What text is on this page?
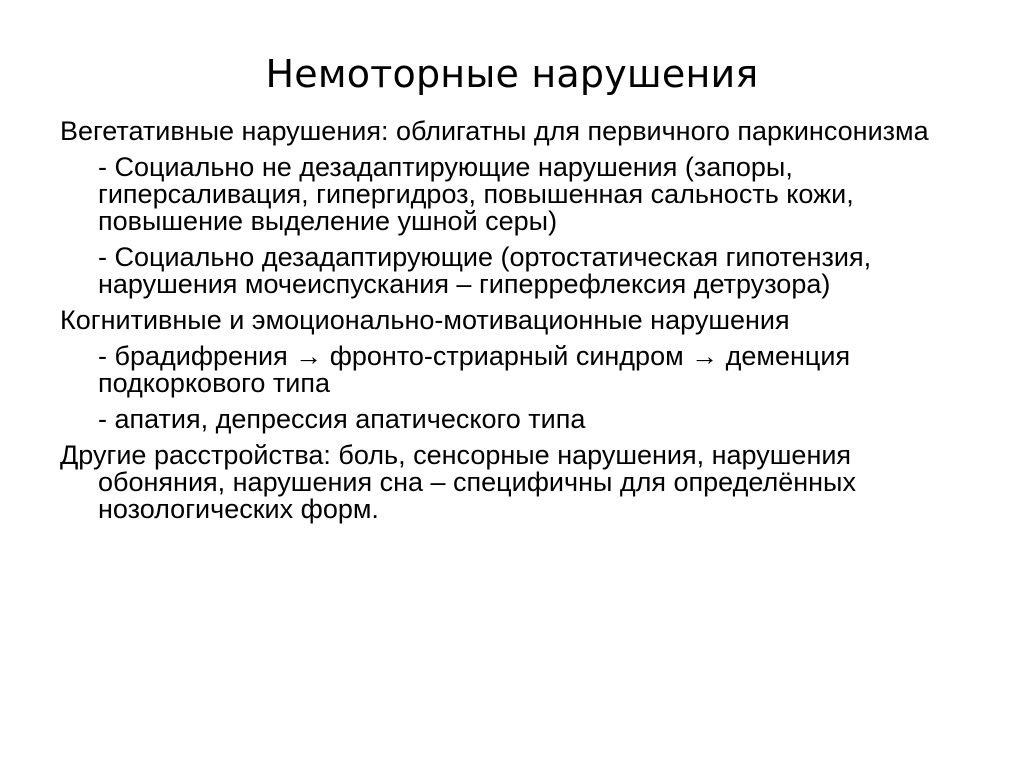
Немоторные нарушения

Вегетативные нарушения: облигатны для первичного паркинсонизма

- Социально не дезадаптирующие нарушения (запоры, гиперсаливация, гипергидроз, повышенная сальность кожи, повышение выделение ушной серы)

- Социально дезадаптирующие (ортостатическая гипотензия, нарушения мочеиспускания – гиперрефлексия детрузора)

Когнитивные и эмоционально-мотивационные нарушения

- брадифрения → фронто-стриарный синдром → деменция подкоркового типа

- апатия, депрессия апатического типа

Другие расстройства: боль, сенсорные нарушения, нарушения обоняния, нарушения сна – специфичны для определённых нозологических форм.
